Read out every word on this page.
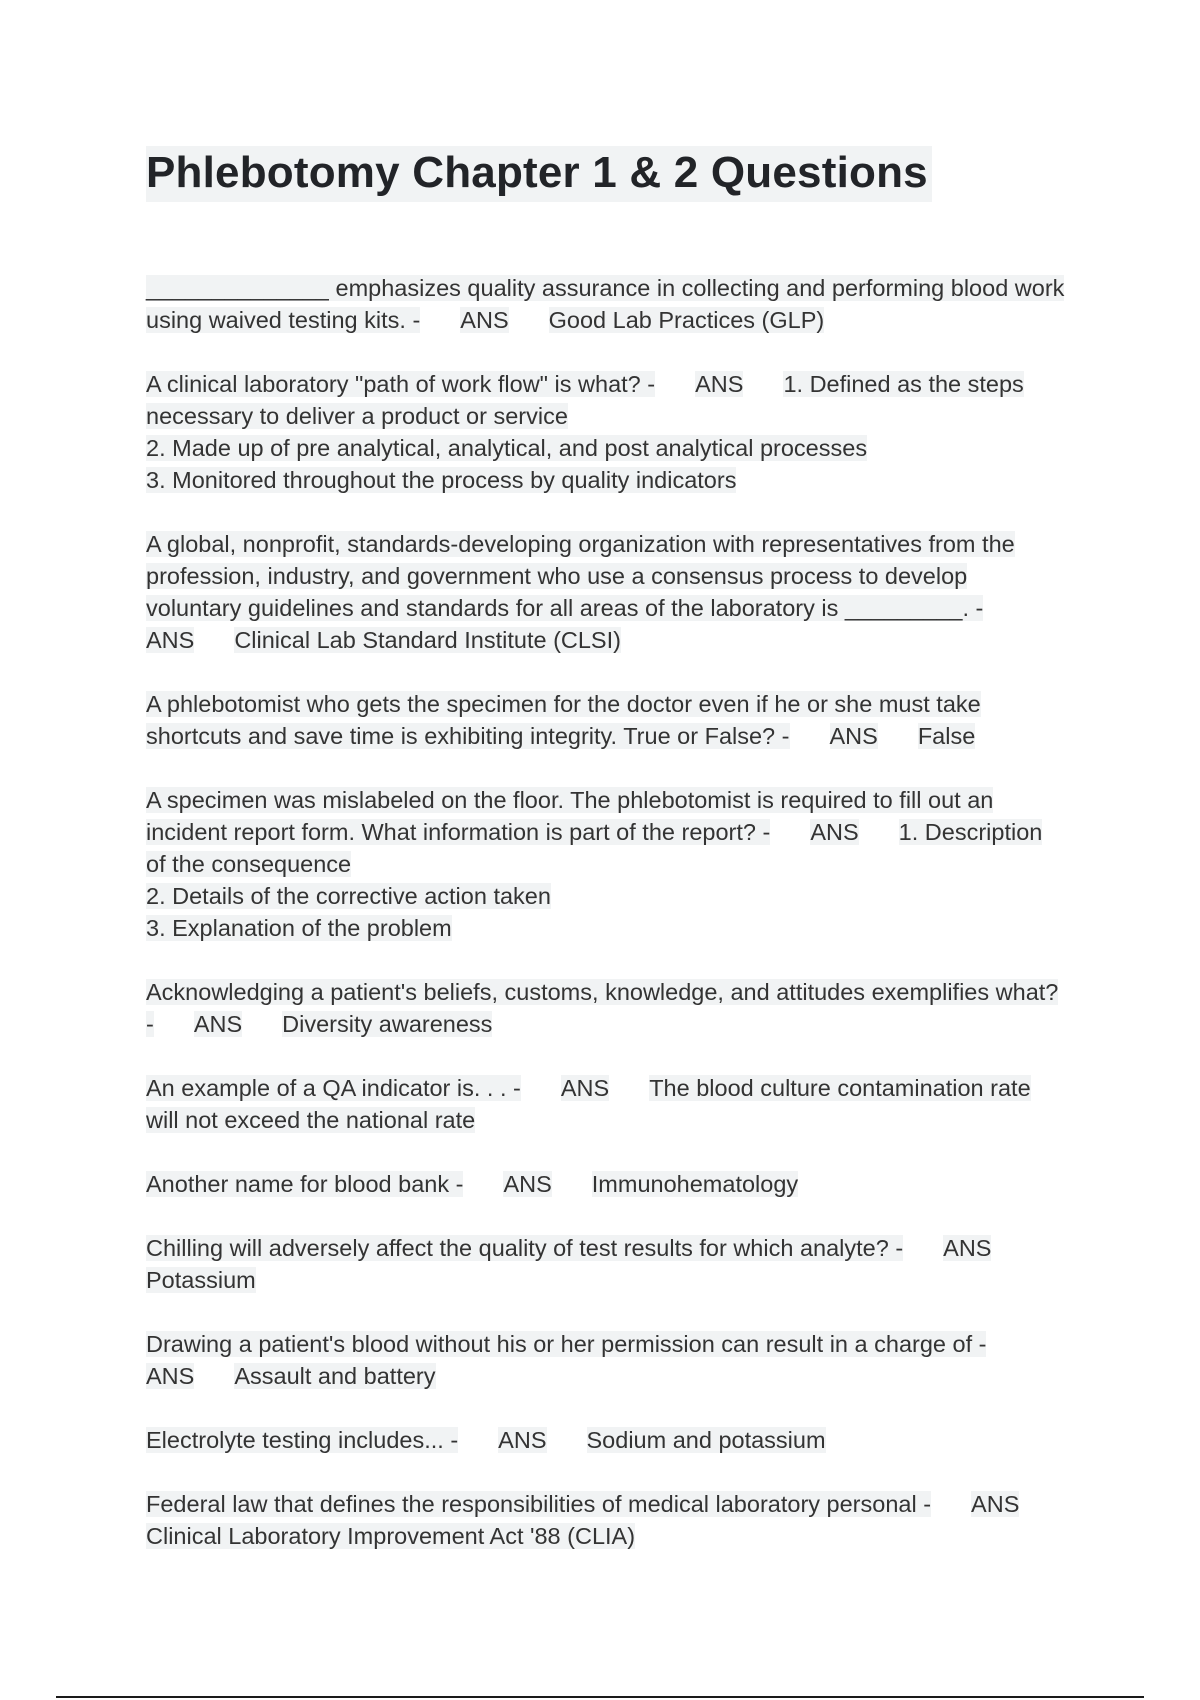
Phlebotomy Chapter 1 & 2 Questions
______________ emphasizes quality assurance in collecting and performing blood work using waived testing kits. - ANS Good Lab Practices (GLP)
A clinical laboratory "path of work flow" is what? - ANS 1. Defined as the steps necessary to deliver a product or service
2. Made up of pre analytical, analytical, and post analytical processes
3. Monitored throughout the process by quality indicators
A global, nonprofit, standards-developing organization with representatives from the profession, industry, and government who use a consensus process to develop voluntary guidelines and standards for all areas of the laboratory is _________. -ANS Clinical Lab Standard Institute (CLSI)
A phlebotomist who gets the specimen for the doctor even if he or she must take shortcuts and save time is exhibiting integrity. True or False? - ANS False
A specimen was mislabeled on the floor. The phlebotomist is required to fill out an incident report form. What information is part of the report? - ANS 1. Description of the consequence
2. Details of the corrective action taken
3. Explanation of the problem
Acknowledging a patient's beliefs, customs, knowledge, and attitudes exemplifies what? - ANS Diversity awareness
An example of a QA indicator is. . . - ANS The blood culture contamination rate will not exceed the national rate
Another name for blood bank - ANS Immunohematology
Chilling will adversely affect the quality of test results for which analyte? - ANSPotassium
Drawing a patient's blood without his or her permission can result in a charge of -ANS Assault and battery
Electrolyte testing includes... - ANS Sodium and potassium
Federal law that defines the responsibilities of medical laboratory personal - ANSClinical Laboratory Improvement Act '88 (CLIA)
